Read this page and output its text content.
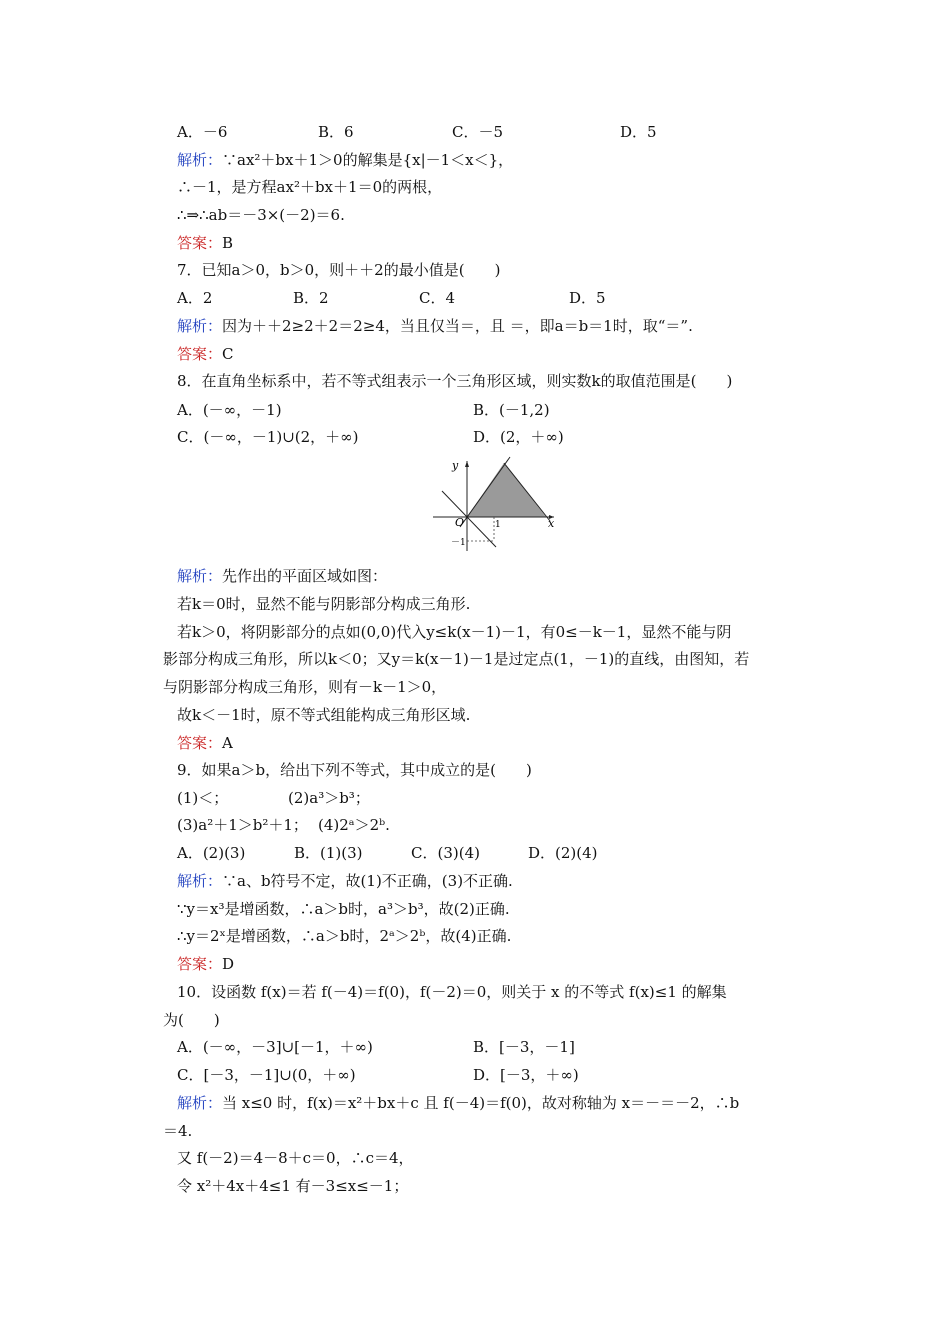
A．－6	B．6	C．－5	D．5
解析：∵ax²＋bx＋1＞0的解集是{x|－1＜x＜}，
∴－1，是方程ax²＋bx＋1＝0的两根，
∴⇒∴ab＝－3×(－2)＝6.
答案：B
7．已知a＞0，b＞0，则＋＋2的最小值是(　　)
A．2	B．2	C．4	D．5
解析：因为＋＋2≥2＋2＝2≥4，当且仅当＝，且 ＝，即a＝b＝1时，取“＝”.
答案：C
8．在直角坐标系中，若不等式组表示一个三角形区域，则实数k的取值范围是(　　)
A．(－∞，－1)	B．(－1,2)
C．(－∞，－1)∪(2，＋∞)	D．(2，＋∞)
y
x
O	1
－1
解析：先作出的平面区域如图：
若k＝0时，显然不能与阴影部分构成三角形.
若k＞0，将阴影部分的点如(0,0)代入y≤k(x－1)－1，有0≤－k－1，显然不能与阴
影部分构成三角形，所以k＜0；又y＝k(x－1)－1是过定点(1，－1)的直线，由图知，若
与阴影部分构成三角形，则有－k－1＞0，
故k＜－1时，原不等式组能构成三角形区域.
答案：A
9．如果a＞b，给出下列不等式，其中成立的是(　　)
(1)＜；	(2)a³＞b³；
(3)a²＋1＞b²＋1； (4)2ᵃ＞2ᵇ.
A．(2)(3)	B．(1)(3)	C．(3)(4)	D．(2)(4)
解析：∵a、b符号不定，故(1)不正确，(3)不正确.
∵y＝x³是增函数，∴a＞b时，a³＞b³，故(2)正确.
∴y＝2ˣ是增函数，∴a＞b时，2ᵃ＞2ᵇ，故(4)正确.
答案：D
10．设函数 f(x)＝若 f(－4)＝f(0)，f(－2)＝0，则关于 x 的不等式 f(x)≤1 的解集
为(　　)
A．(－∞，－3]∪[－1，＋∞)	B．[－3，－1]
C．[－3，－1]∪(0，＋∞)	D．[－3，＋∞)
解析：当 x≤0 时，f(x)＝x²＋bx＋c 且 f(－4)＝f(0)，故对称轴为 x＝－＝－2，∴b
＝4.
又 f(－2)＝4－8＋c＝0，∴c＝4，
令 x²＋4x＋4≤1 有－3≤x≤－1；
